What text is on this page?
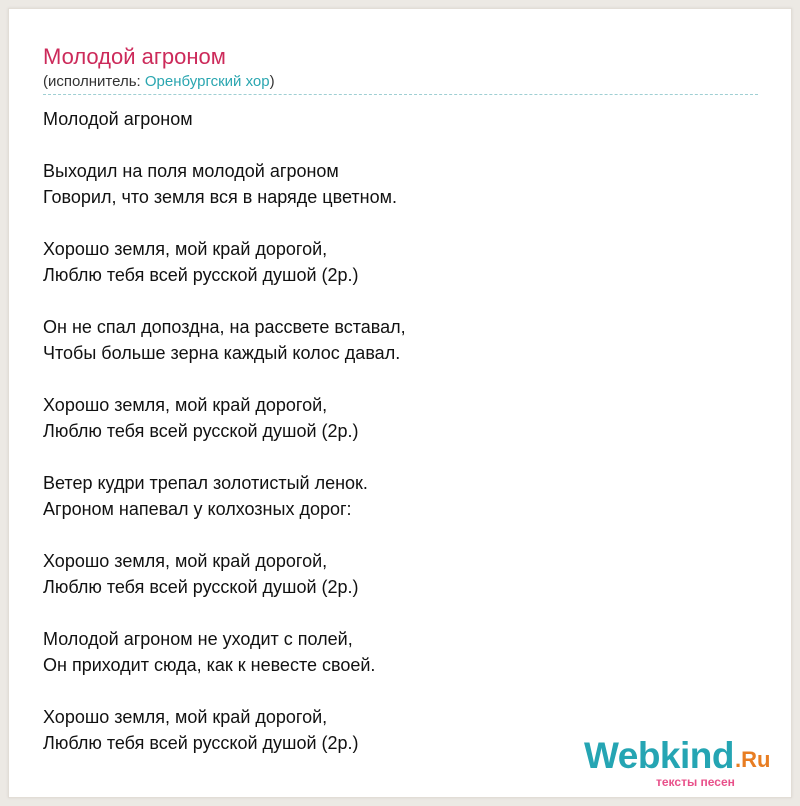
Молодой агроном
(исполнитель: Оренбургский хор)
Молодой агроном
Выходил на поля молодой агроном
Говорил, что земля вся в наряде цветном.
Хорошо земля, мой край дорогой,
Люблю тебя всей русской душой (2р.)
Он не спал допоздна, на рассвете вставал,
Чтобы больше зерна каждый колос давал.
Хорошо земля, мой край дорогой,
Люблю тебя всей русской душой (2р.)
Ветер кудри трепал золотистый ленок.
Агроном напевал у колхозных дорог:
Хорошо земля, мой край дорогой,
Люблю тебя всей русской душой (2р.)
Молодой агроном не уходит с полей,
Он приходит сюда, как к невесте своей.
Хорошо земля, мой край дорогой,
Люблю тебя всей русской душой (2р.)	Webkind .Ru
тексты песен
